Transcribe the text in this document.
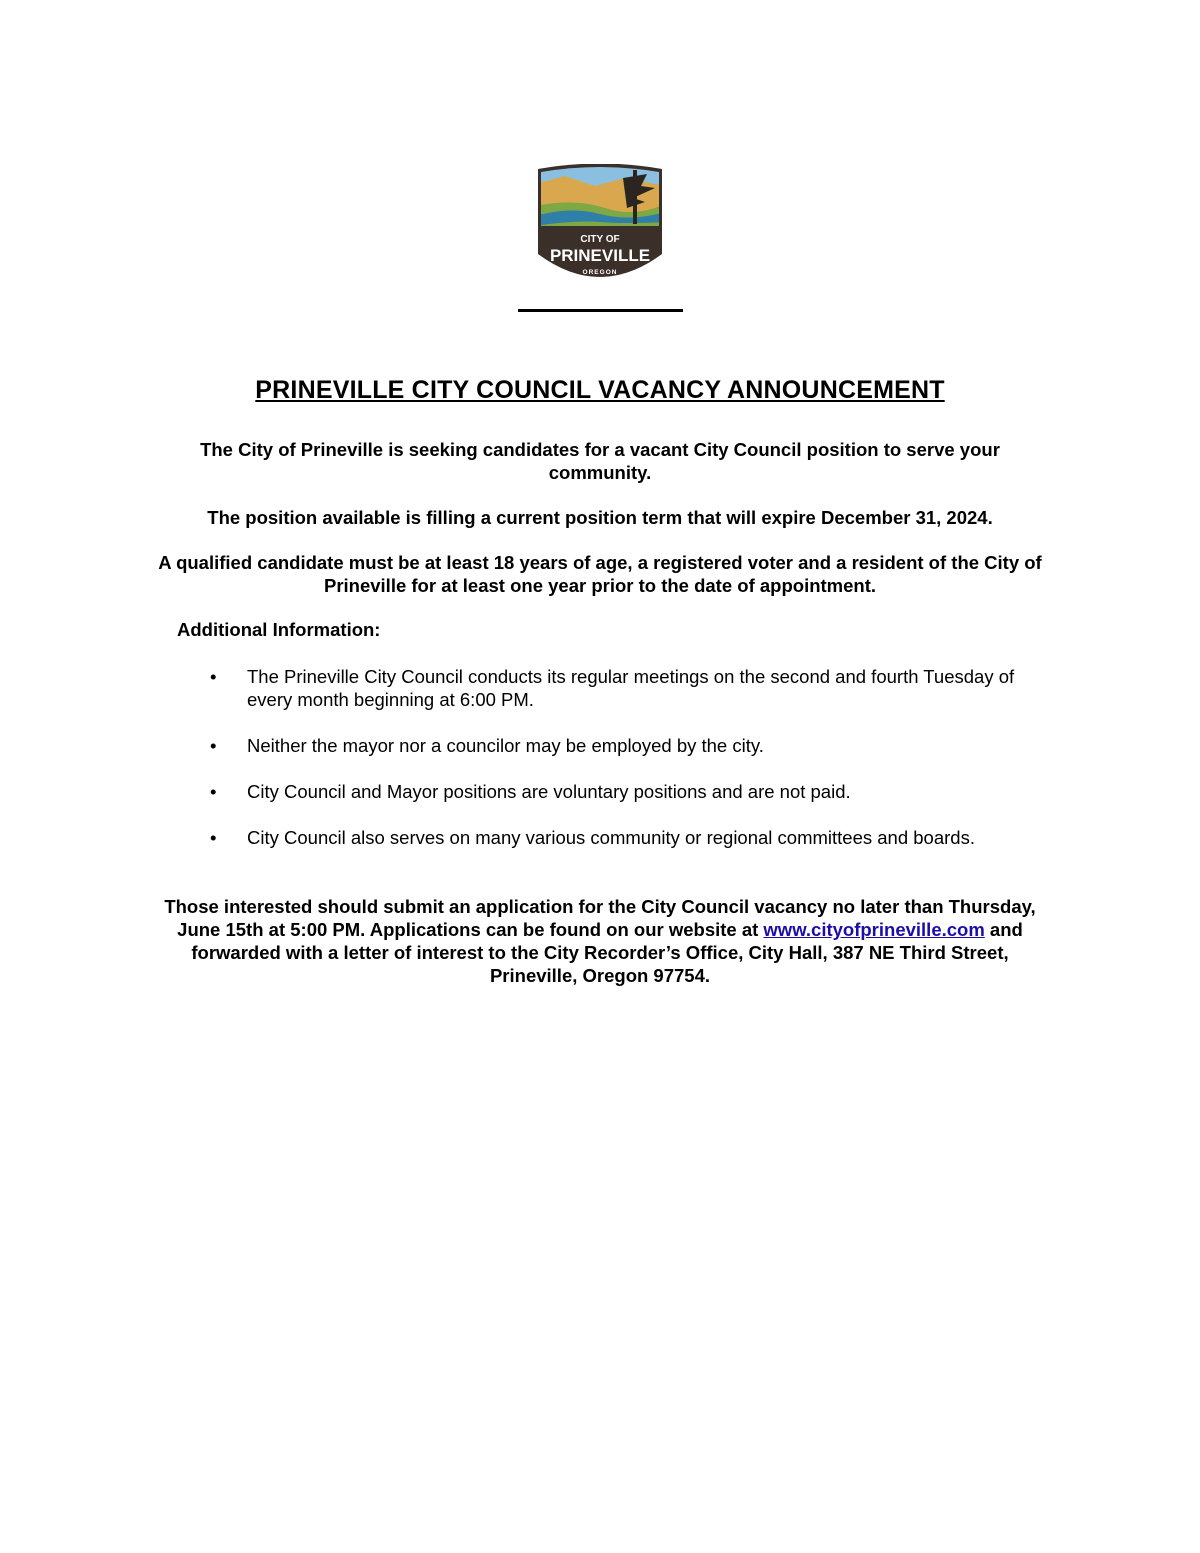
CITY OF
PRINEVILLE
OREGON
PRINEVILLE CITY COUNCIL VACANCY ANNOUNCEMENT
The City of Prineville is seeking candidates for a vacant City Council position to serve your community.
The position available is filling a current position term that will expire December 31, 2024.
A qualified candidate must be at least 18 years of age, a registered voter and a resident of the City of Prineville for at least one year prior to the date of appointment.
Additional Information:
• The Prineville City Council conducts its regular meetings on the second and fourth Tuesday of every month beginning at 6:00 PM.
• Neither the mayor nor a councilor may be employed by the city.
• City Council and Mayor positions are voluntary positions and are not paid.
• City Council also serves on many various community or regional committees and boards.
Those interested should submit an application for the City Council vacancy no later than Thursday, June 15th at 5:00 PM. Applications can be found on our website at www.cityofprineville.com and forwarded with a letter of interest to the City Recorder’s Office, City Hall, 387 NE Third Street, Prineville, Oregon 97754.
